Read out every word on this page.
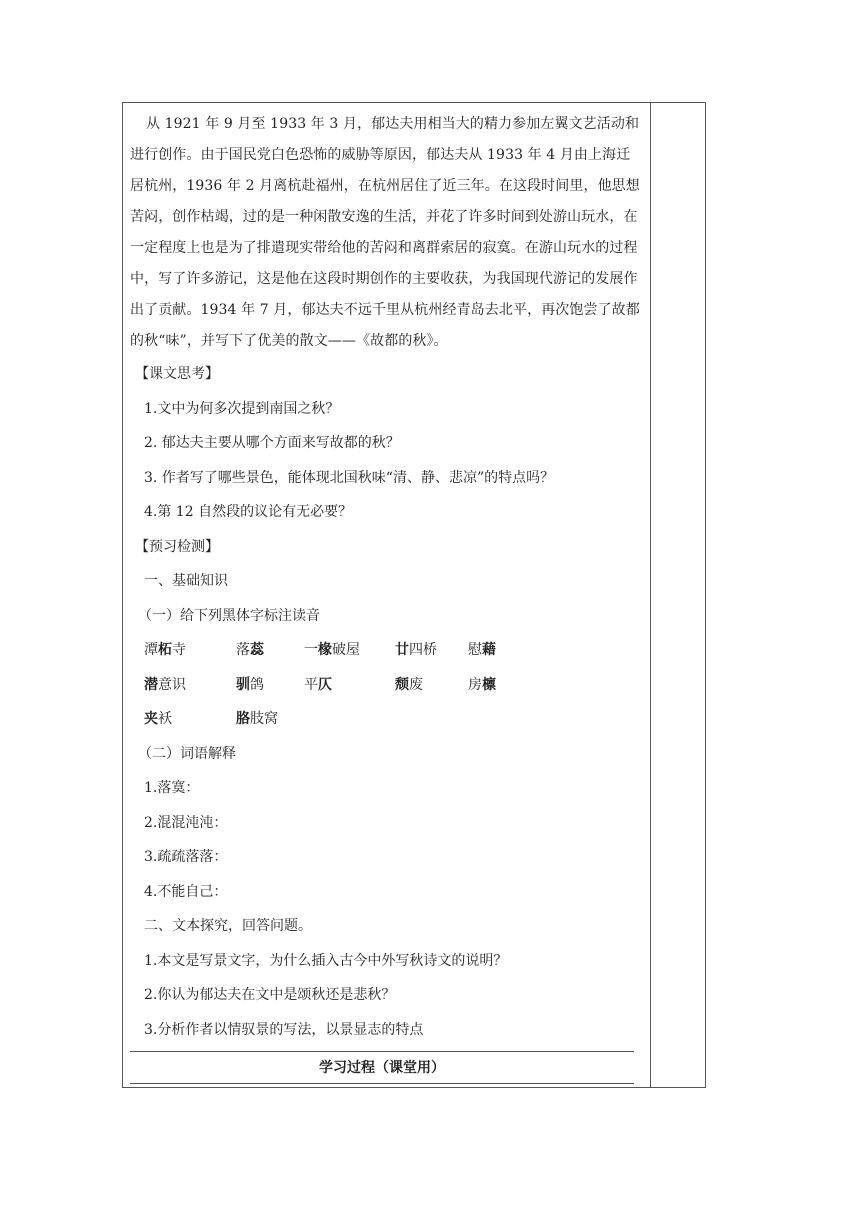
从 1921 年 9 月至 1933 年 3 月，郁达夫用相当大的精力参加左翼文艺活动和进行创作。由于国民党白色恐怖的威胁等原因，郁达夫从 1933 年 4 月由上海迁居杭州，1936 年 2 月离杭赴福州，在杭州居住了近三年。在这段时间里，他思想苦闷，创作枯竭，过的是一种闲散安逸的生活，并花了许多时间到处游山玩水，在一定程度上也是为了排遣现实带给他的苦闷和离群索居的寂寞。在游山玩水的过程中，写了许多游记，这是他在这段时期创作的主要收获，为我国现代游记的发展作出了贡献。1934 年 7 月，郁达夫不远千里从杭州经青岛去北平，再次饱尝了故都的秋“味”，并写下了优美的散文——《故都的秋》。

【课文思考】
1.文中为何多次提到南国之秋？
2. 郁达夫主要从哪个方面来写故都的秋？
3. 作者写了哪些景色，能体现北国秋味“清、静、悲凉”的特点吗？
4.第 12 自然段的议论有无必要？
【预习检测】
一、基础知识
（一）给下列黑体字标注读音
潭柘寺	落蕊	一椽破屋	廿四桥	慰藉
潜意识	驯鸽	平仄	颓废	房檩
夹袄	胳肢窝
（二）词语解释
1.落寞：
2.混混沌沌：
3.疏疏落落：
4.不能自己：
二、文本探究，回答问题。
1.本文是写景文字，为什么插入古今中外写秋诗文的说明？
2.你认为郁达夫在文中是颂秋还是悲秋？
3.分析作者以情驭景的写法，以景显志的特点
学习过程（课堂用）
